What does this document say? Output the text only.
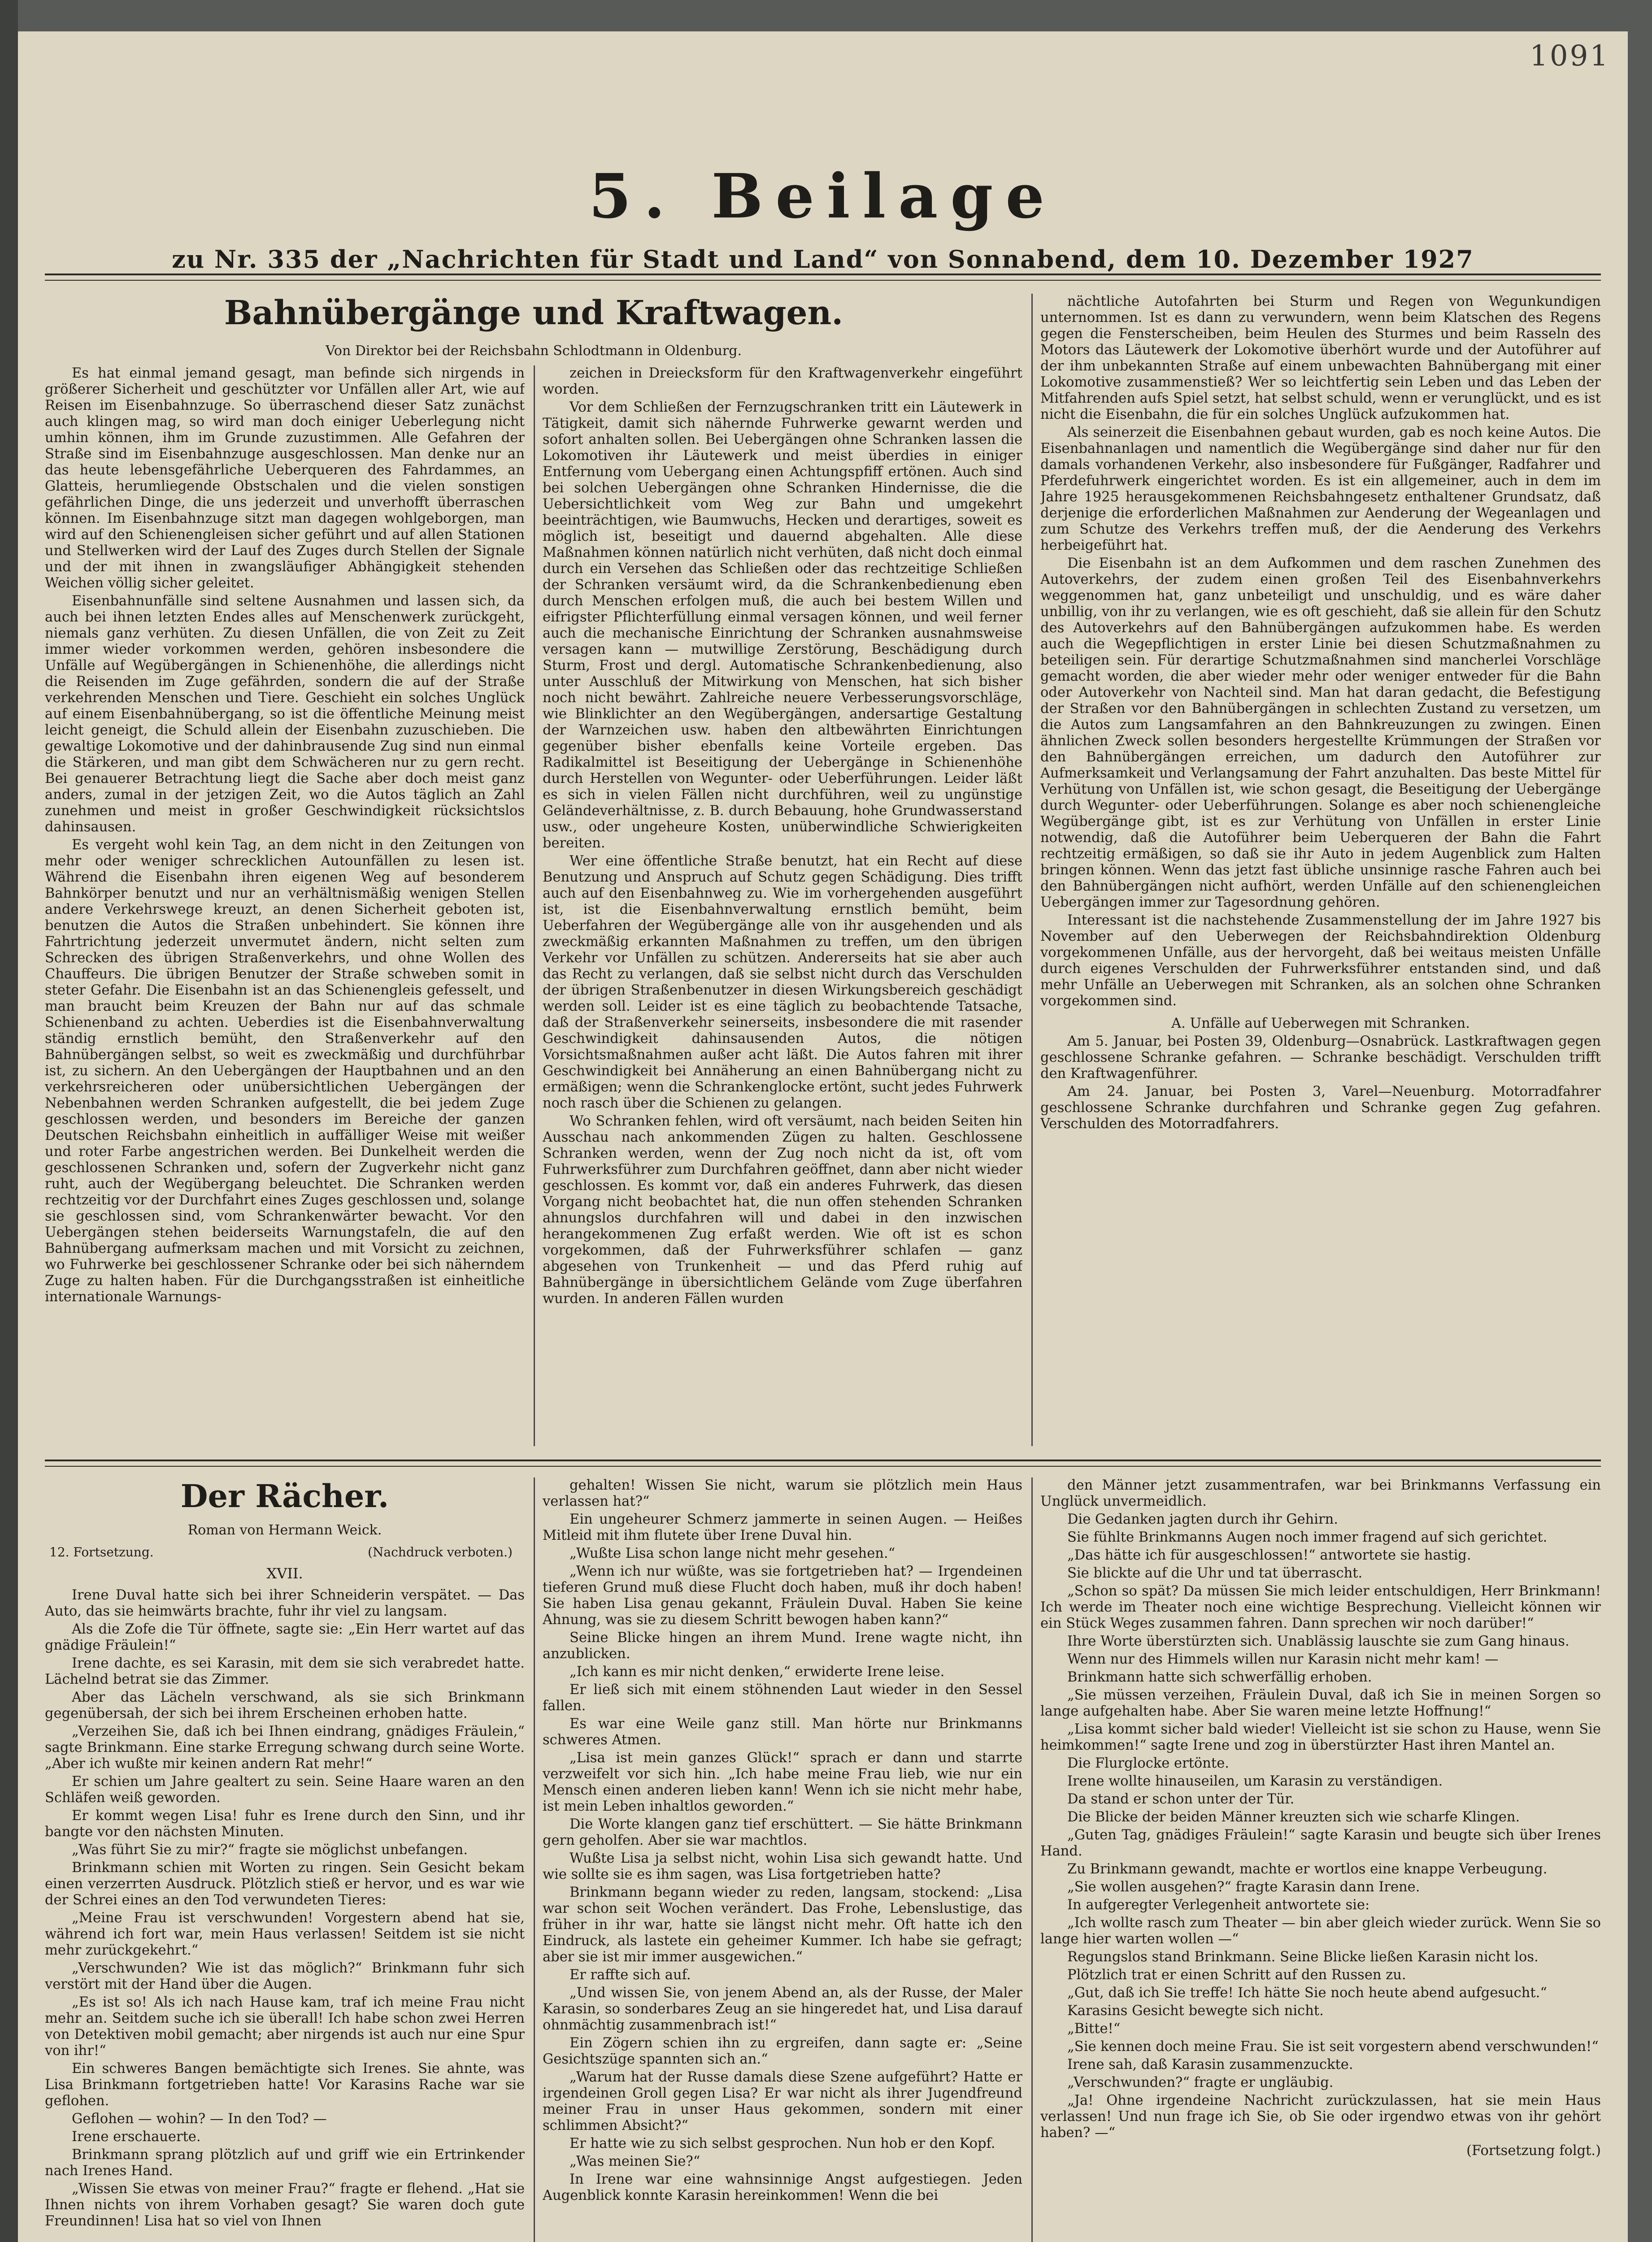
1091
5. Beilage
zu Nr. 335 der „Nachrichten für Stadt und Land“ von Sonnabend, dem 10. Dezember 1927
Bahnübergänge und Kraftwagen.
Von Direktor bei der Reichsbahn Schlodtmann in Oldenburg.

Es hat einmal jemand gesagt, man befinde sich nirgends in größerer Sicherheit und geschützter vor Unfällen aller Art, wie auf Reisen im Eisenbahnzuge. So überraschend dieser Satz zunächst auch klingen mag, so wird man doch einiger Ueberlegung nicht umhin können, ihm im Grunde zuzustimmen. Alle Gefahren der Straße sind im Eisenbahnzuge ausgeschlossen. Man denke nur an das heute lebensgefährliche Ueberqueren des Fahrdammes, an Glatteis, herumliegende Obstschalen und die vielen sonstigen gefährlichen Dinge, die uns jederzeit und unverhofft überraschen können. Im Eisenbahnzuge sitzt man dagegen wohlgeborgen, man wird auf den Schienengleisen sicher geführt und auf allen Stationen und Stellwerken wird der Lauf des Zuges durch Stellen der Signale und der mit ihnen in zwangsläufiger Abhängigkeit stehenden Weichen völlig sicher geleitet.

Eisenbahnunfälle sind seltene Ausnahmen und lassen sich, da auch bei ihnen letzten Endes alles auf Menschenwerk zurückgeht, niemals ganz verhüten. Zu diesen Unfällen, die von Zeit zu Zeit immer wieder vorkommen werden, gehören insbesondere die Unfälle auf Wegübergängen in Schienenhöhe, die allerdings nicht die Reisenden im Zuge gefährden, sondern die auf der Straße verkehrenden Menschen und Tiere. Geschieht ein solches Unglück auf einem Eisenbahnübergang, so ist die öffentliche Meinung meist leicht geneigt, die Schuld allein der Eisenbahn zuzuschieben. Die gewaltige Lokomotive und der dahinbrausende Zug sind nun einmal die Stärkeren, und man gibt dem Schwächeren nur zu gern recht. Bei genauerer Betrachtung liegt die Sache aber doch meist ganz anders, zumal in der jetzigen Zeit, wo die Autos täglich an Zahl zunehmen und meist in großer Geschwindigkeit rücksichtslos dahinsausen.

Es vergeht wohl kein Tag, an dem nicht in den Zeitungen von mehr oder weniger schrecklichen Autounfällen zu lesen ist. Während die Eisenbahn ihren eigenen Weg auf besonderem Bahnkörper benutzt und nur an verhältnismäßig wenigen Stellen andere Verkehrswege kreuzt, an denen Sicherheit geboten ist, benutzen die Autos die Straßen unbehindert. Sie können ihre Fahrtrichtung jederzeit unvermutet ändern, nicht selten zum Schrecken des übrigen Straßenverkehrs, und ohne Wollen des Chauffeurs. Die übrigen Benutzer der Straße schweben somit in steter Gefahr. Die Eisenbahn ist an das Schienengleis gefesselt, und man braucht beim Kreuzen der Bahn nur auf das schmale Schienenband zu achten. Ueberdies ist die Eisenbahnverwaltung ständig ernstlich bemüht, den Straßenverkehr auf den Bahnübergängen selbst, so weit es zweckmäßig und durchführbar ist, zu sichern. An den Uebergängen der Hauptbahnen und an den verkehrsreicheren oder unübersichtlichen Uebergängen der Nebenbahnen werden Schranken aufgestellt, die bei jedem Zuge geschlossen werden, und besonders im Bereiche der ganzen Deutschen Reichsbahn einheitlich in auffälliger Weise mit weißer und roter Farbe angestrichen werden. Bei Dunkelheit werden die geschlossenen Schranken und, sofern der Zugverkehr nicht ganz ruht, auch der Wegübergang beleuchtet. Die Schranken werden rechtzeitig vor der Durchfahrt eines Zuges geschlossen und, solange sie geschlossen sind, vom Schrankenwärter bewacht. Vor den Uebergängen stehen beiderseits Warnungstafeln, die auf den Bahnübergang aufmerksam machen und mit Vorsicht zu zeichnen, wo Fuhrwerke bei geschlossener Schranke oder bei sich näherndem Zuge zu halten haben. Für die Durchgangsstraßen ist einheitliche internationale Warnungs-

zeichen in Dreiecksform für den Kraftwagenverkehr eingeführt worden.

Vor dem Schließen der Fernzugschranken tritt ein Läutewerk in Tätigkeit, damit sich nähernde Fuhrwerke gewarnt werden und sofort anhalten sollen. Bei Uebergängen ohne Schranken lassen die Lokomotiven ihr Läutewerk und meist überdies in einiger Entfernung vom Uebergang einen Achtungspfiff ertönen. Auch sind bei solchen Uebergängen ohne Schranken Hindernisse, die die Uebersichtlichkeit vom Weg zur Bahn und umgekehrt beeinträchtigen, wie Baumwuchs, Hecken und derartiges, soweit es möglich ist, beseitigt und dauernd abgehalten. Alle diese Maßnahmen können natürlich nicht verhüten, daß nicht doch einmal durch ein Versehen das Schließen oder das rechtzeitige Schließen der Schranken versäumt wird, da die Schrankenbedienung eben durch Menschen erfolgen muß, die auch bei bestem Willen und eifrigster Pflichterfüllung einmal versagen können, und weil ferner auch die mechanische Einrichtung der Schranken ausnahmsweise versagen kann — mutwillige Zerstörung, Beschädigung durch Sturm, Frost und dergl. Automatische Schrankenbedienung, also unter Ausschluß der Mitwirkung von Menschen, hat sich bisher noch nicht bewährt. Zahlreiche neuere Verbesserungsvorschläge, wie Blinklichter an den Wegübergängen, andersartige Gestaltung der Warnzeichen usw. haben den altbewährten Einrichtungen gegenüber bisher ebenfalls keine Vorteile ergeben. Das Radikalmittel ist Beseitigung der Uebergänge in Schienenhöhe durch Herstellen von Wegunter- oder Ueberführungen. Leider läßt es sich in vielen Fällen nicht durchführen, weil zu ungünstige Geländeverhältnisse, z. B. durch Bebauung, hohe Grundwasserstand usw., oder ungeheure Kosten, unüberwindliche Schwierigkeiten bereiten.

Wer eine öffentliche Straße benutzt, hat ein Recht auf diese Benutzung und Anspruch auf Schutz gegen Schädigung. Dies trifft auch auf den Eisenbahnweg zu. Wie im vorhergehenden ausgeführt ist, ist die Eisenbahnverwaltung ernstlich bemüht, beim Ueberfahren der Wegübergänge alle von ihr ausgehenden und als zweckmäßig erkannten Maßnahmen zu treffen, um den übrigen Verkehr vor Unfällen zu schützen. Andererseits hat sie aber auch das Recht zu verlangen, daß sie selbst nicht durch das Verschulden der übrigen Straßenbenutzer in diesen Wirkungsbereich geschädigt werden soll. Leider ist es eine täglich zu beobachtende Tatsache, daß der Straßenverkehr seinerseits, insbesondere die mit rasender Geschwindigkeit dahinsausenden Autos, die nötigen Vorsichtsmaßnahmen außer acht läßt. Die Autos fahren mit ihrer Geschwindigkeit bei Annäherung an einen Bahnübergang nicht zu ermäßigen; wenn die Schrankenglocke ertönt, sucht jedes Fuhrwerk noch rasch über die Schienen zu gelangen.

Wo Schranken fehlen, wird oft versäumt, nach beiden Seiten hin Ausschau nach ankommenden Zügen zu halten. Geschlossene Schranken werden, wenn der Zug noch nicht da ist, oft vom Fuhrwerksführer zum Durchfahren geöffnet, dann aber nicht wieder geschlossen. Es kommt vor, daß ein anderes Fuhrwerk, das diesen Vorgang nicht beobachtet hat, die nun offen stehenden Schranken ahnungslos durchfahren will und dabei in den inzwischen herangekommenen Zug erfaßt werden. Wie oft ist es schon vorgekommen, daß der Fuhrwerksführer schlafen — ganz abgesehen von Trunkenheit — und das Pferd ruhig auf Bahnübergänge in übersichtlichem Gelände vom Zuge überfahren wurden. In anderen Fällen wurden

nächtliche Autofahrten bei Sturm und Regen von Wegunkundigen unternommen. Ist es dann zu verwundern, wenn beim Klatschen des Regens gegen die Fensterscheiben, beim Heulen des Sturmes und beim Rasseln des Motors das Läutewerk der Lokomotive überhört wurde und der Autoführer auf der ihm unbekannten Straße auf einem unbewachten Bahnübergang mit einer Lokomotive zusammenstieß? Wer so leichtfertig sein Leben und das Leben der Mitfahrenden aufs Spiel setzt, hat selbst schuld, wenn er verunglückt, und es ist nicht die Eisenbahn, die für ein solches Unglück aufzukommen hat.

Als seinerzeit die Eisenbahnen gebaut wurden, gab es noch keine Autos. Die Eisenbahnanlagen und namentlich die Wegübergänge sind daher nur für den damals vorhandenen Verkehr, also insbesondere für Fußgänger, Radfahrer und Pferdefuhrwerk eingerichtet worden. Es ist ein allgemeiner, auch in dem im Jahre 1925 herausgekommenen Reichsbahngesetz enthaltener Grundsatz, daß derjenige die erforderlichen Maßnahmen zur Aenderung der Wegeanlagen und zum Schutze des Verkehrs treffen muß, der die Aenderung des Verkehrs herbeigeführt hat.

Die Eisenbahn ist an dem Aufkommen und dem raschen Zunehmen des Autoverkehrs, der zudem einen großen Teil des Eisenbahnverkehrs weggenommen hat, ganz unbeteiligt und unschuldig, und es wäre daher unbillig, von ihr zu verlangen, wie es oft geschieht, daß sie allein für den Schutz des Autoverkehrs auf den Bahnübergängen aufzukommen habe. Es werden auch die Wegepflichtigen in erster Linie bei diesen Schutzmaßnahmen zu beteiligen sein. Für derartige Schutzmaßnahmen sind mancherlei Vorschläge gemacht worden, die aber wieder mehr oder weniger entweder für die Bahn oder Autoverkehr von Nachteil sind. Man hat daran gedacht, die Befestigung der Straßen vor den Bahnübergängen in schlechten Zustand zu versetzen, um die Autos zum Langsamfahren an den Bahnkreuzungen zu zwingen. Einen ähnlichen Zweck sollen besonders hergestellte Krümmungen der Straßen vor den Bahnübergängen erreichen, um dadurch den Autoführer zur Aufmerksamkeit und Verlangsamung der Fahrt anzuhalten. Das beste Mittel für Verhütung von Unfällen ist, wie schon gesagt, die Beseitigung der Uebergänge durch Wegunter- oder Ueberführungen. Solange es aber noch schienengleiche Wegübergänge gibt, ist es zur Verhütung von Unfällen in erster Linie notwendig, daß die Autoführer beim Ueberqueren der Bahn die Fahrt rechtzeitig ermäßigen, so daß sie ihr Auto in jedem Augenblick zum Halten bringen können. Wenn das jetzt fast übliche unsinnige rasche Fahren auch bei den Bahnübergängen nicht aufhört, werden Unfälle auf den schienengleichen Uebergängen immer zur Tagesordnung gehören.

Interessant ist die nachstehende Zusammenstellung der im Jahre 1927 bis November auf den Ueberwegen der Reichsbahndirektion Oldenburg vorgekommenen Unfälle, aus der hervorgeht, daß bei weitaus meisten Unfälle durch eigenes Verschulden der Fuhrwerksführer entstanden sind, und daß mehr Unfälle an Ueberwegen mit Schranken, als an solchen ohne Schranken vorgekommen sind.

A. Unfälle auf Ueberwegen mit Schranken.

Am 5. Januar, bei Posten 39, Oldenburg—Osnabrück. Lastkraftwagen gegen geschlossene Schranke gefahren. — Schranke beschädigt. Verschulden trifft den Kraftwagenführer.

Am 24. Januar, bei Posten 3, Varel—Neuenburg. Motorradfahrer geschlossene Schranke durchfahren und Schranke gegen Zug gefahren. Verschulden des Motorradfahrers.

Der Rächer.
Roman von Hermann Weick.
12. Fortsetzung.	(Nachdruck verboten.)
XVII.

Irene Duval hatte sich bei ihrer Schneiderin verspätet. — Das Auto, das sie heimwärts brachte, fuhr ihr viel zu langsam.

Als die Zofe die Tür öffnete, sagte sie: „Ein Herr wartet auf das gnädige Fräulein!“

Irene dachte, es sei Karasin, mit dem sie sich verabredet hatte. Lächelnd betrat sie das Zimmer.

Aber das Lächeln verschwand, als sie sich Brinkmann gegenübersah, der sich bei ihrem Erscheinen erhoben hatte.

„Verzeihen Sie, daß ich bei Ihnen eindrang, gnädiges Fräulein,“ sagte Brinkmann. Eine starke Erregung schwang durch seine Worte. „Aber ich wußte mir keinen andern Rat mehr!“

Er schien um Jahre gealtert zu sein. Seine Haare waren an den Schläfen weiß geworden.

Er kommt wegen Lisa! fuhr es Irene durch den Sinn, und ihr bangte vor den nächsten Minuten.

„Was führt Sie zu mir?“ fragte sie möglichst unbefangen.

Brinkmann schien mit Worten zu ringen. Sein Gesicht bekam einen verzerrten Ausdruck. Plötzlich stieß er hervor, und es war wie der Schrei eines an den Tod verwundeten Tieres:

„Meine Frau ist verschwunden! Vorgestern abend hat sie, während ich fort war, mein Haus verlassen! Seitdem ist sie nicht mehr zurückgekehrt.“

„Verschwunden? Wie ist das möglich?“ Brinkmann fuhr sich verstört mit der Hand über die Augen.

„Es ist so! Als ich nach Hause kam, traf ich meine Frau nicht mehr an. Seitdem suche ich sie überall! Ich habe schon zwei Herren von Detektiven mobil gemacht; aber nirgends ist auch nur eine Spur von ihr!“

Ein schweres Bangen bemächtigte sich Irenes. Sie ahnte, was Lisa Brinkmann fortgetrieben hatte! Vor Karasins Rache war sie geflohen.

Geflohen — wohin? — In den Tod? —

Irene erschauerte.

Brinkmann sprang plötzlich auf und griff wie ein Ertrinkender nach Irenes Hand.

„Wissen Sie etwas von meiner Frau?“ fragte er flehend. „Hat sie Ihnen nichts von ihrem Vorhaben gesagt? Sie waren doch gute Freundinnen! Lisa hat so viel von Ihnen

gehalten! Wissen Sie nicht, warum sie plötzlich mein Haus verlassen hat?“

Ein ungeheurer Schmerz jammerte in seinen Augen. — Heißes Mitleid mit ihm flutete über Irene Duval hin.

„Wußte Lisa schon lange nicht mehr gesehen.“

„Wenn ich nur wüßte, was sie fortgetrieben hat? — Irgendeinen tieferen Grund muß diese Flucht doch haben, muß ihr doch haben! Sie haben Lisa genau gekannt, Fräulein Duval. Haben Sie keine Ahnung, was sie zu diesem Schritt bewogen haben kann?“

Seine Blicke hingen an ihrem Mund. Irene wagte nicht, ihn anzublicken.

„Ich kann es mir nicht denken,“ erwiderte Irene leise.

Er ließ sich mit einem stöhnenden Laut wieder in den Sessel fallen.

Es war eine Weile ganz still. Man hörte nur Brinkmanns schweres Atmen.

„Lisa ist mein ganzes Glück!“ sprach er dann und starrte verzweifelt vor sich hin. „Ich habe meine Frau lieb, wie nur ein Mensch einen anderen lieben kann! Wenn ich sie nicht mehr habe, ist mein Leben inhaltlos geworden.“

Die Worte klangen ganz tief erschüttert. — Sie hätte Brinkmann gern geholfen. Aber sie war machtlos.

Wußte Lisa ja selbst nicht, wohin Lisa sich gewandt hatte. Und wie sollte sie es ihm sagen, was Lisa fortgetrieben hatte?

Brinkmann begann wieder zu reden, langsam, stockend: „Lisa war schon seit Wochen verändert. Das Frohe, Lebenslustige, das früher in ihr war, hatte sie längst nicht mehr. Oft hatte ich den Eindruck, als lastete ein geheimer Kummer. Ich habe sie gefragt; aber sie ist mir immer ausgewichen.“

Er raffte sich auf.

„Und wissen Sie, von jenem Abend an, als der Russe, der Maler Karasin, so sonderbares Zeug an sie hingeredet hat, und Lisa darauf ohnmächtig zusammenbrach ist!“

Ein Zögern schien ihn zu ergreifen, dann sagte er: „Seine Gesichtszüge spannten sich an.“

„Warum hat der Russe damals diese Szene aufgeführt? Hatte er irgendeinen Groll gegen Lisa? Er war nicht als ihrer Jugendfreund meiner Frau in unser Haus gekommen, sondern mit einer schlimmen Absicht?“

Er hatte wie zu sich selbst gesprochen. Nun hob er den Kopf.

„Was meinen Sie?“

In Irene war eine wahnsinnige Angst aufgestiegen. Jeden Augenblick konnte Karasin hereinkommen! Wenn die bei

den Männer jetzt zusammentrafen, war bei Brinkmanns Verfassung ein Unglück unvermeidlich.

Die Gedanken jagten durch ihr Gehirn.

Sie fühlte Brinkmanns Augen noch immer fragend auf sich gerichtet.

„Das hätte ich für ausgeschlossen!“ antwortete sie hastig.

Sie blickte auf die Uhr und tat überrascht.

„Schon so spät? Da müssen Sie mich leider entschuldigen, Herr Brinkmann! Ich werde im Theater noch eine wichtige Besprechung. Vielleicht können wir ein Stück Weges zusammen fahren. Dann sprechen wir noch darüber!“

Ihre Worte überstürzten sich. Unablässig lauschte sie zum Gang hinaus.

Wenn nur des Himmels willen nur Karasin nicht mehr kam! —

Brinkmann hatte sich schwerfällig erhoben.

„Sie müssen verzeihen, Fräulein Duval, daß ich Sie in meinen Sorgen so lange aufgehalten habe. Aber Sie waren meine letzte Hoffnung!“

„Lisa kommt sicher bald wieder! Vielleicht ist sie schon zu Hause, wenn Sie heimkommen!“ sagte Irene und zog in überstürzter Hast ihren Mantel an.

Die Flurglocke ertönte.

Irene wollte hinauseilen, um Karasin zu verständigen.

Da stand er schon unter der Tür.

Die Blicke der beiden Männer kreuzten sich wie scharfe Klingen.

„Guten Tag, gnädiges Fräulein!“ sagte Karasin und beugte sich über Irenes Hand.

Zu Brinkmann gewandt, machte er wortlos eine knappe Verbeugung.

„Sie wollen ausgehen?“ fragte Karasin dann Irene.

In aufgeregter Verlegenheit antwortete sie:

„Ich wollte rasch zum Theater — bin aber gleich wieder zurück. Wenn Sie so lange hier warten wollen —“

Regungslos stand Brinkmann. Seine Blicke ließen Karasin nicht los.

Plötzlich trat er einen Schritt auf den Russen zu.

„Gut, daß ich Sie treffe! Ich hätte Sie noch heute abend aufgesucht.“

Karasins Gesicht bewegte sich nicht.

„Bitte!“

„Sie kennen doch meine Frau. Sie ist seit vorgestern abend verschwunden!“

Irene sah, daß Karasin zusammenzuckte.

„Verschwunden?“ fragte er ungläubig.

„Ja! Ohne irgendeine Nachricht zurückzulassen, hat sie mein Haus verlassen! Und nun frage ich Sie, ob Sie oder irgendwo etwas von ihr gehört haben? —“

(Fortsetzung folgt.)
